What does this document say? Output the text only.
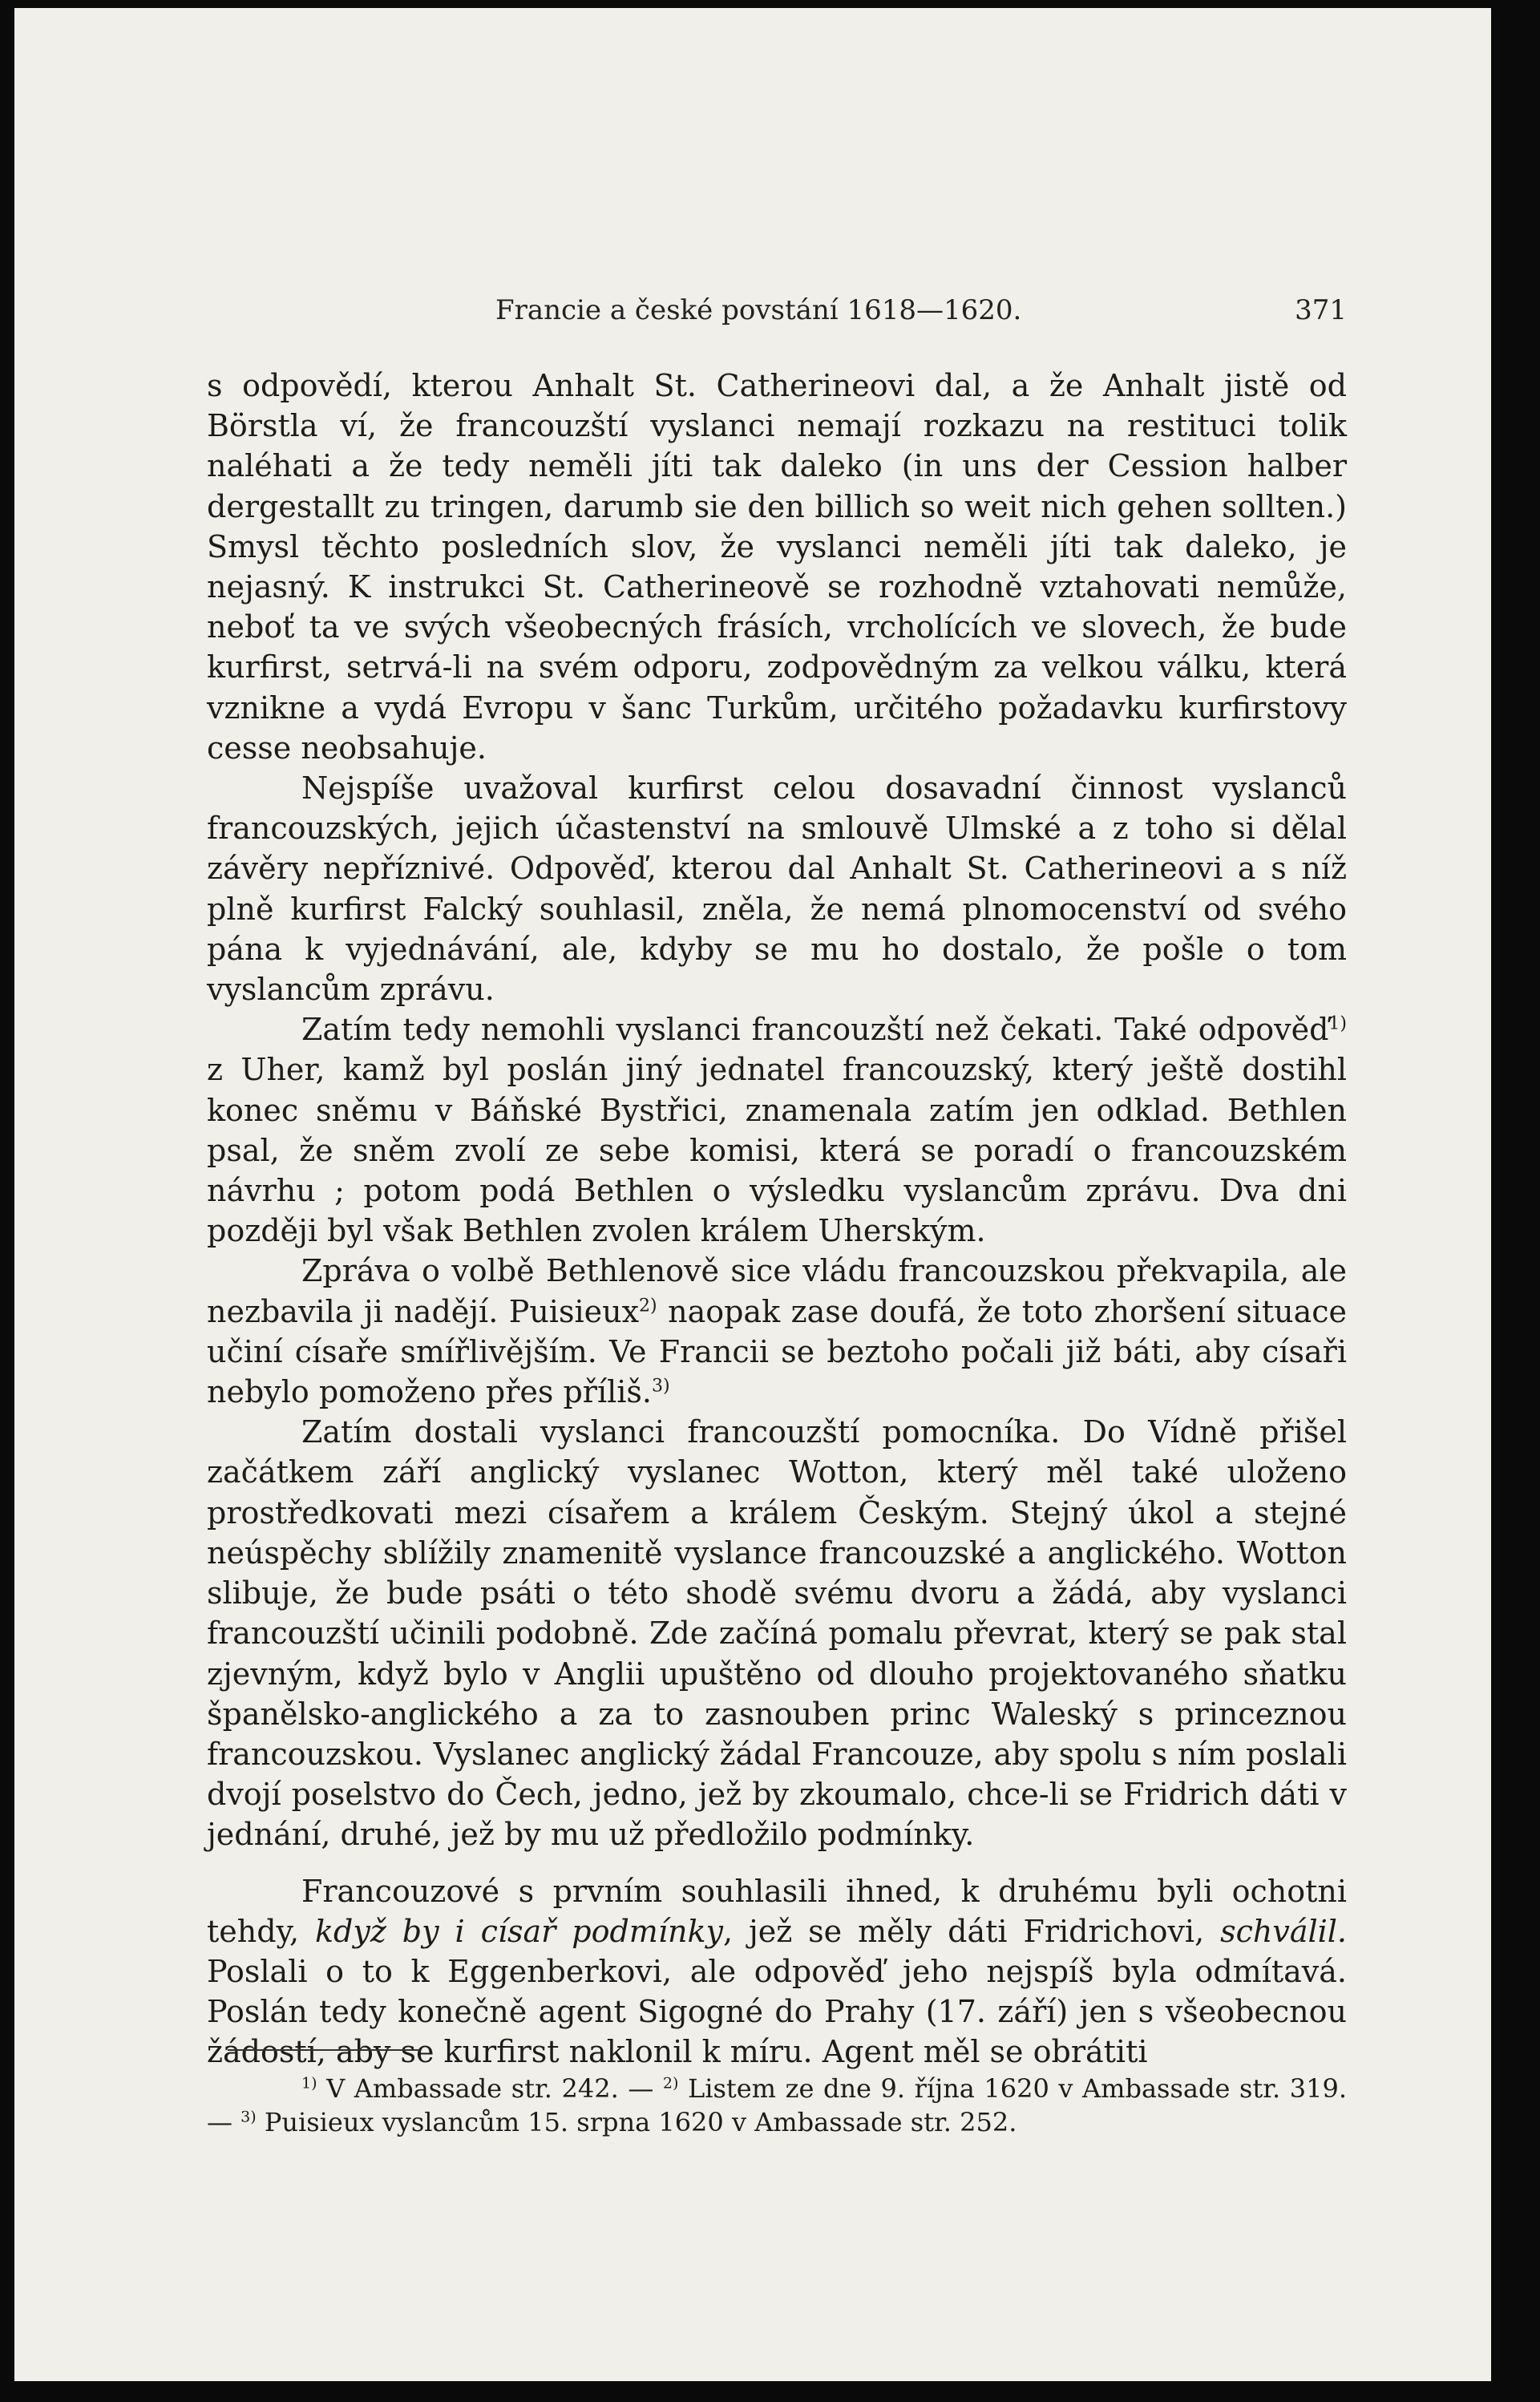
Francie a české povstání 1618—1620.	371

s odpovědí, kterou Anhalt St. Catherineovi dal, a že Anhalt jistě od Börstla ví, že francouzští vyslanci nemají rozkazu na restituci tolik naléhati a že tedy neměli jíti tak daleko (in uns der Cession halber dergestallt zu tringen, darumb sie den billich so weit nich gehen sollten.) Smysl těchto posledních slov, že vyslanci neměli jíti tak daleko, je nejasný. K instrukci St. Catherineově se rozhodně vztahovati nemůže, neboť ta ve svých všeobecných frásích, vrcholících ve slovech, že bude kurfirst, setrvá-li na svém odporu, zodpovědným za velkou válku, která vznikne a vydá Evropu v šanc Turkům, určitého požadavku kurfirstovy cesse neobsahuje.

Nejspíše uvažoval kurfirst celou dosavadní činnost vyslanců francouzských, jejich účastenství na smlouvě Ulmské a z toho si dělal závěry nepříznivé. Odpověď, kterou dal Anhalt St. Catherineovi a s níž plně kurfirst Falcký souhlasil, zněla, že nemá plnomocenství od svého pána k vyjednávání, ale, kdyby se mu ho dostalo, že pošle o tom vyslancům zprávu.

Zatím tedy nemohli vyslanci francouzští než čekati. Také odpověď$^{1)}$ z Uher, kamž byl poslán jiný jednatel francouzský, který ještě dostihl konec sněmu v Báňské Bystřici, znamenala zatím jen odklad. Bethlen psal, že sněm zvolí ze sebe komisi, která se poradí o francouzském návrhu ; potom podá Bethlen o výsledku vyslancům zprávu. Dva dni později byl však Bethlen zvolen králem Uherským.

Zpráva o volbě Bethlenově sice vládu francouzskou překvapila, ale nezbavila ji nadějí. Puisieux$^{2)}$ naopak zase doufá, že toto zhoršení situace učiní císaře smířlivějším. Ve Francii se beztoho počali již báti, aby císaři nebylo pomoženo přes příliš.$^{3)}$

Zatím dostali vyslanci francouzští pomocníka. Do Vídně přišel začátkem září anglický vyslanec Wotton, který měl také uloženo prostředkovati mezi císařem a králem Českým. Stejný úkol a stejné neúspěchy sblížily znamenitě vyslance francouzské a anglického. Wotton slibuje, že bude psáti o této shodě svému dvoru a žádá, aby vyslanci francouzští učinili podobně. Zde začíná pomalu převrat, který se pak stal zjevným, když bylo v Anglii upuštěno od dlouho projektovaného sňatku španělsko-anglického a za to zasnouben princ Waleský s princeznou francouzskou. Vyslanec anglický žádal Francouze, aby spolu s ním poslali dvojí poselstvo do Čech, jedno, jež by zkoumalo, chce-li se Fridrich dáti v jednání, druhé, jež by mu už předložilo podmínky.

Francouzové s prvním souhlasili ihned, k druhému byli ochotni tehdy, když by i císař podmínky, jež se měly dáti Fridrichovi, schválil. Poslali o to k Eggenberkovi, ale odpověď jeho nejspíš byla odmítavá. Poslán tedy konečně agent Sigogné do Prahy (17. září) jen s všeobecnou žádostí, aby se kurfirst naklonil k míru. Agent měl se obrátiti

$^{1)}$ V Ambassade str. 242. — $^{2)}$ Listem ze dne 9. října 1620 v Ambassade str. 319. — $^{3)}$ Puisieux vyslancům 15. srpna 1620 v Ambassade str. 252.
